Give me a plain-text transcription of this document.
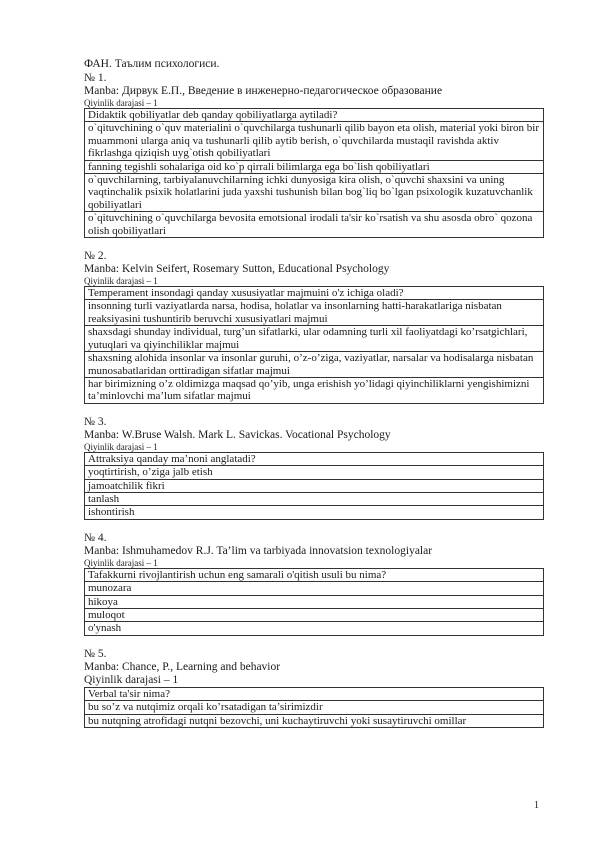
ФАН. Таълим психологиси.
№ 1.
Manba: Дирвук Е.П., Введение в инженерно-педагогическое образование
Qiyinlik darajasi – 1
Didaktik qobiliyatlar deb qanday qobiliyatlarga aytiladi?
o`qituvchining o`quv materialini o`quvchilarga tushunarli qilib bayon eta olish, material yoki biron bir muammoni ularga aniq va tushunarli qilib aytib berish, o`quvchilarda mustaqil ravishda aktiv fikrlashga qiziqish uyg`otish qobiliyatlari
fanning tegishli sohalariga oid ko`p qirrali bilimlarga ega bo`lish qobiliyatlari
o`quvchilarning, tarbiyalanuvchilarning ichki dunyosiga kira olish, o`quvchi shaxsini va uning vaqtinchalik psixik holatlarini juda yaxshi tushunish bilan bog`liq bo`lgan psixologik kuzatuvchanlik qobiliyatlari
o`qituvchining o`quvchilarga bevosita emotsional irodali ta'sir ko`rsatish va shu asosda obro` qozona olish qobiliyatlari
№ 2.
Manba: Kelvin Seifert, Rosemary Sutton, Educational Psychology
Qiyinlik darajasi – 1
Temperament insondagi qanday xususiyatlar majmuini o'z ichiga oladi?
insonning turli vaziyatlarda narsa, hodisa, holatlar va insonlarning hatti-harakatlariga nisbatan reaksiyasini tushuntirib beruvchi xususiyatlari majmui
shaxsdagi shunday individual, turg’un sifatlarki, ular odamning turli xil faoliyatdagi ko’rsatgichlari, yutuqlari va qiyinchiliklar majmui
shaxsning alohida insonlar va insonlar guruhi, o’z-o’ziga, vaziyatlar, narsalar va hodisalarga nisbatan munosabatlaridan orttiradigan sifatlar majmui
har birimizning o’z oldimizga maqsad qo’yib, unga erishish yo’lidagi qiyinchiliklarni yengishimizni ta’minlovchi ma’lum sifatlar majmui
№ 3.
Manba: W.Bruse Walsh. Mark L. Savickas. Vocational Psychology
Qiyinlik darajasi – 1
Attraksiya qanday ma’noni anglatadi?
yoqtirtirish, o’ziga jalb etish
jamoatchilik fikri
tanlash
ishontirish
№ 4.
Manba: Ishmuhamedov R.J. Ta’lim va tarbiyada innovatsion texnologiyalar
Qiyinlik darajasi – 1
Tafakkurni rivojlantirish uchun eng samarali o'qitish usuli bu nima?
munozara
hikoya
muloqot
o'ynash
№ 5.
Manba: Chance, P., Learning and behavior
Qiyinlik darajasi – 1
Verbal ta'sir nima?
bu so’z va nutqimiz orqali ko’rsatadigan ta’sirimizdir
bu nutqning atrofidagi nutqni bezovchi, uni kuchaytiruvchi yoki susaytiruvchi omillar
1
